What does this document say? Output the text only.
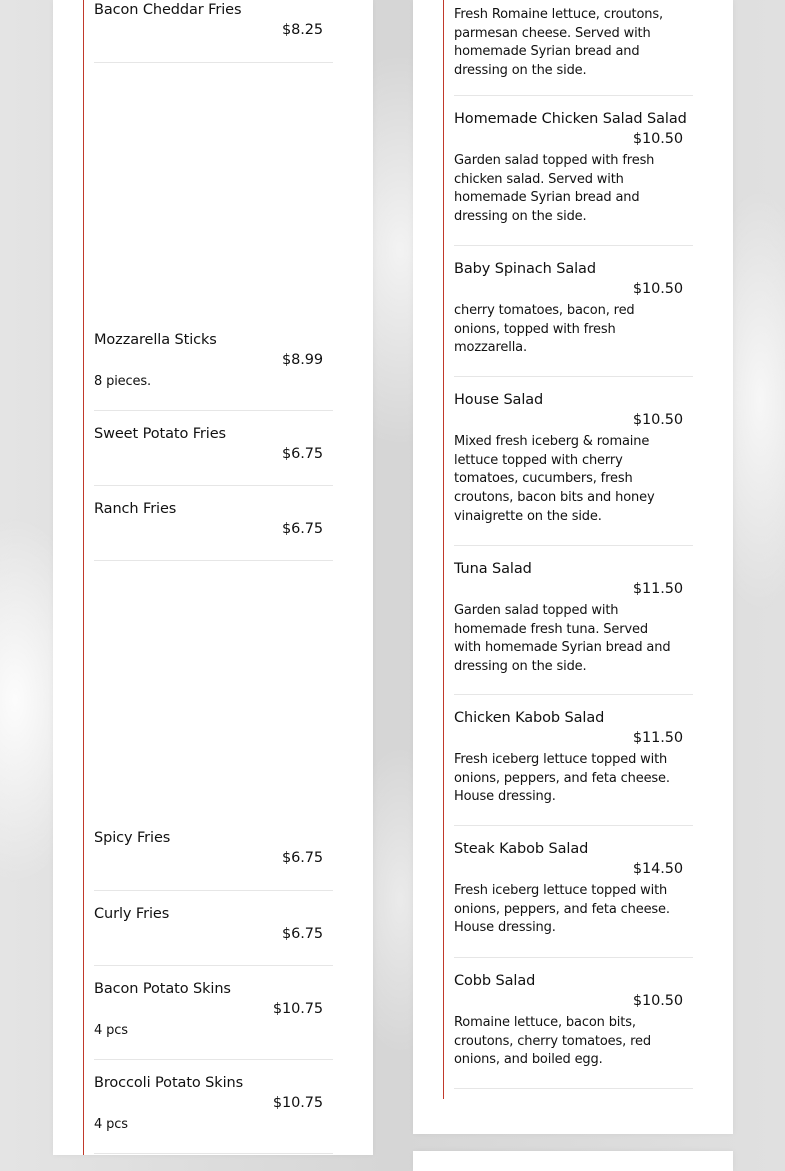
Bacon Cheddar Fries
$8.25
Mozzarella Sticks
$8.99
8 pieces.
Sweet Potato Fries
$6.75
Ranch Fries
$6.75
Spicy Fries
$6.75
Curly Fries
$6.75
Bacon Potato Skins
$10.75
4 pcs
Broccoli Potato Skins
$10.75
4 pcs
Fresh Romaine lettuce, croutons, parmesan cheese. Served with homemade Syrian bread and dressing on the side.
Homemade Chicken Salad Salad
$10.50
Garden salad topped with fresh chicken salad. Served with homemade Syrian bread and dressing on the side.
Baby Spinach Salad
$10.50
cherry tomatoes, bacon, red onions, topped with fresh mozzarella.
House Salad
$10.50
Mixed fresh iceberg & romaine lettuce topped with cherry tomatoes, cucumbers, fresh croutons, bacon bits and honey vinaigrette on the side.
Tuna Salad
$11.50
Garden salad topped with homemade fresh tuna. Served with homemade Syrian bread and dressing on the side.
Chicken Kabob Salad
$11.50
Fresh iceberg lettuce topped with onions, peppers, and feta cheese. House dressing.
Steak Kabob Salad
$14.50
Fresh iceberg lettuce topped with onions, peppers, and feta cheese. House dressing.
Cobb Salad
$10.50
Romaine lettuce, bacon bits, croutons, cherry tomatoes, red onions, and boiled egg.
